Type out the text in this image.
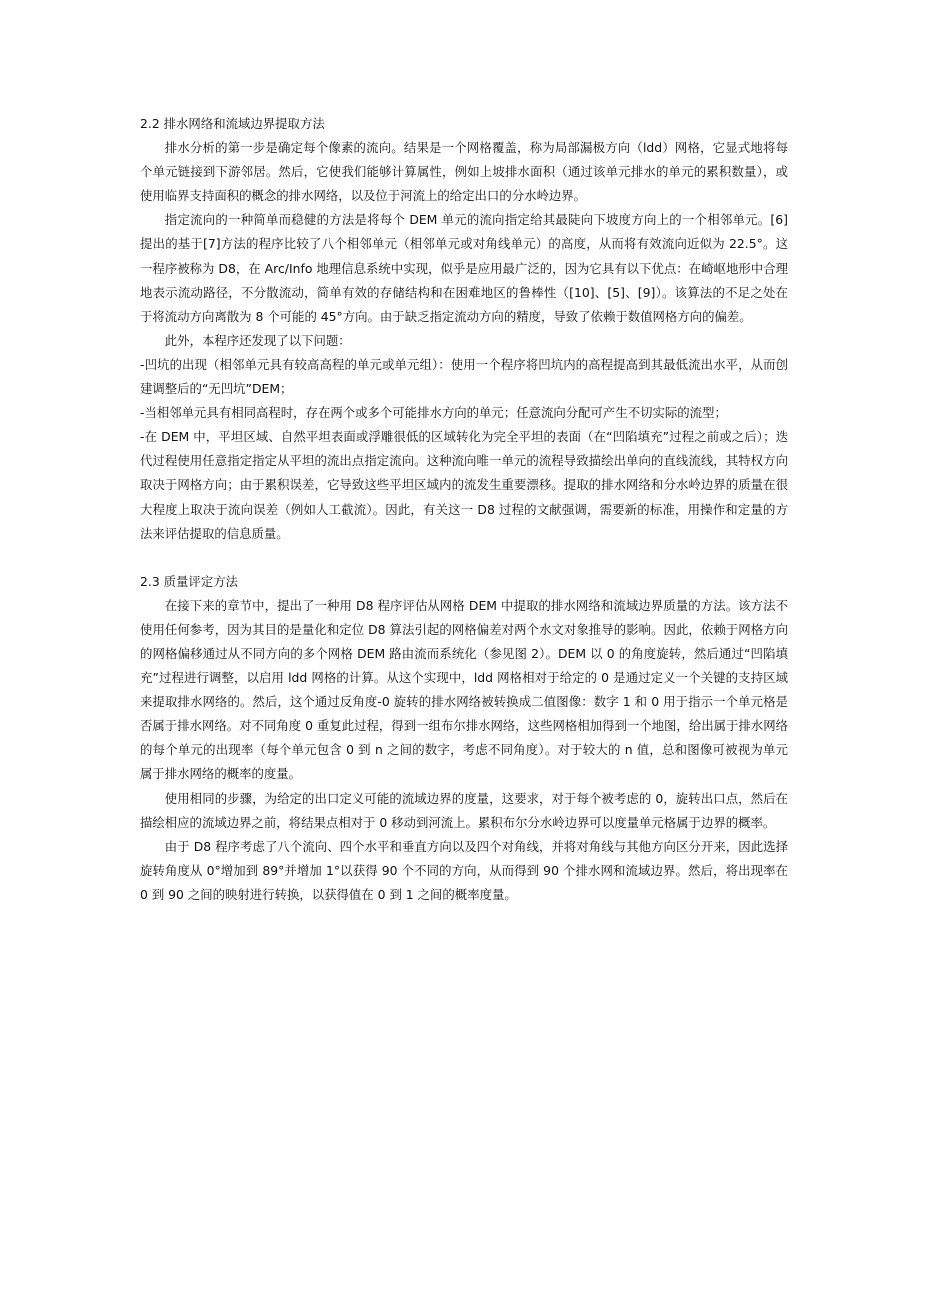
2.2 排水网络和流域边界提取方法

排水分析的第一步是确定每个像素的流向。结果是一个网格覆盖，称为局部漏极方向（ldd）网格，它显式地将每个单元链接到下游邻居。然后，它使我们能够计算属性，例如上坡排水面积（通过该单元排水的单元的累积数量），或使用临界支持面积的概念的排水网络，以及位于河流上的给定出口的分水岭边界。

指定流向的一种简单而稳健的方法是将每个 DEM 单元的流向指定给其最陡向下坡度方向上的一个相邻单元。[6]提出的基于[7]方法的程序比较了八个相邻单元（相邻单元或对角线单元）的高度，从而将有效流向近似为 22.5°。这一程序被称为 D8，在 Arc/Info 地理信息系统中实现，似乎是应用最广泛的，因为它具有以下优点：在崎岖地形中合理地表示流动路径，不分散流动，简单有效的存储结构和在困难地区的鲁棒性（[10]、[5]、[9]）。该算法的不足之处在于将流动方向离散为 8 个可能的 45°方向。由于缺乏指定流动方向的精度，导致了依赖于数值网格方向的偏差。

此外，本程序还发现了以下问题：

-凹坑的出现（相邻单元具有较高高程的单元或单元组）：使用一个程序将凹坑内的高程提高到其最低流出水平，从而创建调整后的“无凹坑”DEM；

-当相邻单元具有相同高程时，存在两个或多个可能排水方向的单元；任意流向分配可产生不切实际的流型；

-在 DEM 中，平坦区域、自然平坦表面或浮雕很低的区域转化为完全平坦的表面（在“凹陷填充”过程之前或之后）；迭代过程使用任意指定指定从平坦的流出点指定流向。这种流向唯一单元的流程导致描绘出单向的直线流线，其特权方向取决于网格方向；由于累积误差，它导致这些平坦区域内的流发生重要漂移。提取的排水网络和分水岭边界的质量在很大程度上取决于流向误差（例如人工截流）。因此，有关这一 D8 过程的文献强调，需要新的标准，用操作和定量的方法来评估提取的信息质量。

2.3 质量评定方法

在接下来的章节中，提出了一种用 D8 程序评估从网格 DEM 中提取的排水网络和流域边界质量的方法。该方法不使用任何参考，因为其目的是量化和定位 D8 算法引起的网格偏差对两个水文对象推导的影响。因此，依赖于网格方向的网格偏移通过从不同方向的多个网格 DEM 路由流而系统化（参见图 2）。DEM 以 0 的角度旋转，然后通过“凹陷填充”过程进行调整，以启用 ldd 网格的计算。从这个实现中，ldd 网格相对于给定的 0 是通过定义一个关键的支持区域来提取排水网络的。然后，这个通过反角度-0 旋转的排水网络被转换成二值图像：数字 1 和 0 用于指示一个单元格是否属于排水网络。对不同角度 0 重复此过程，得到一组布尔排水网络，这些网格相加得到一个地图，给出属于排水网络的每个单元的出现率（每个单元包含 0 到 n 之间的数字，考虑不同角度）。对于较大的 n 值，总和图像可被视为单元属于排水网络的概率的度量。

使用相同的步骤，为给定的出口定义可能的流域边界的度量，这要求，对于每个被考虑的 0，旋转出口点，然后在描绘相应的流域边界之前，将结果点相对于 0 移动到河流上。累积布尔分水岭边界可以度量单元格属于边界的概率。

由于 D8 程序考虑了八个流向、四个水平和垂直方向以及四个对角线，并将对角线与其他方向区分开来，因此选择旋转角度从 0°增加到 89°并增加 1°以获得 90 个不同的方向，从而得到 90 个排水网和流域边界。然后，将出现率在 0 到 90 之间的映射进行转换，以获得值在 0 到 1 之间的概率度量。
